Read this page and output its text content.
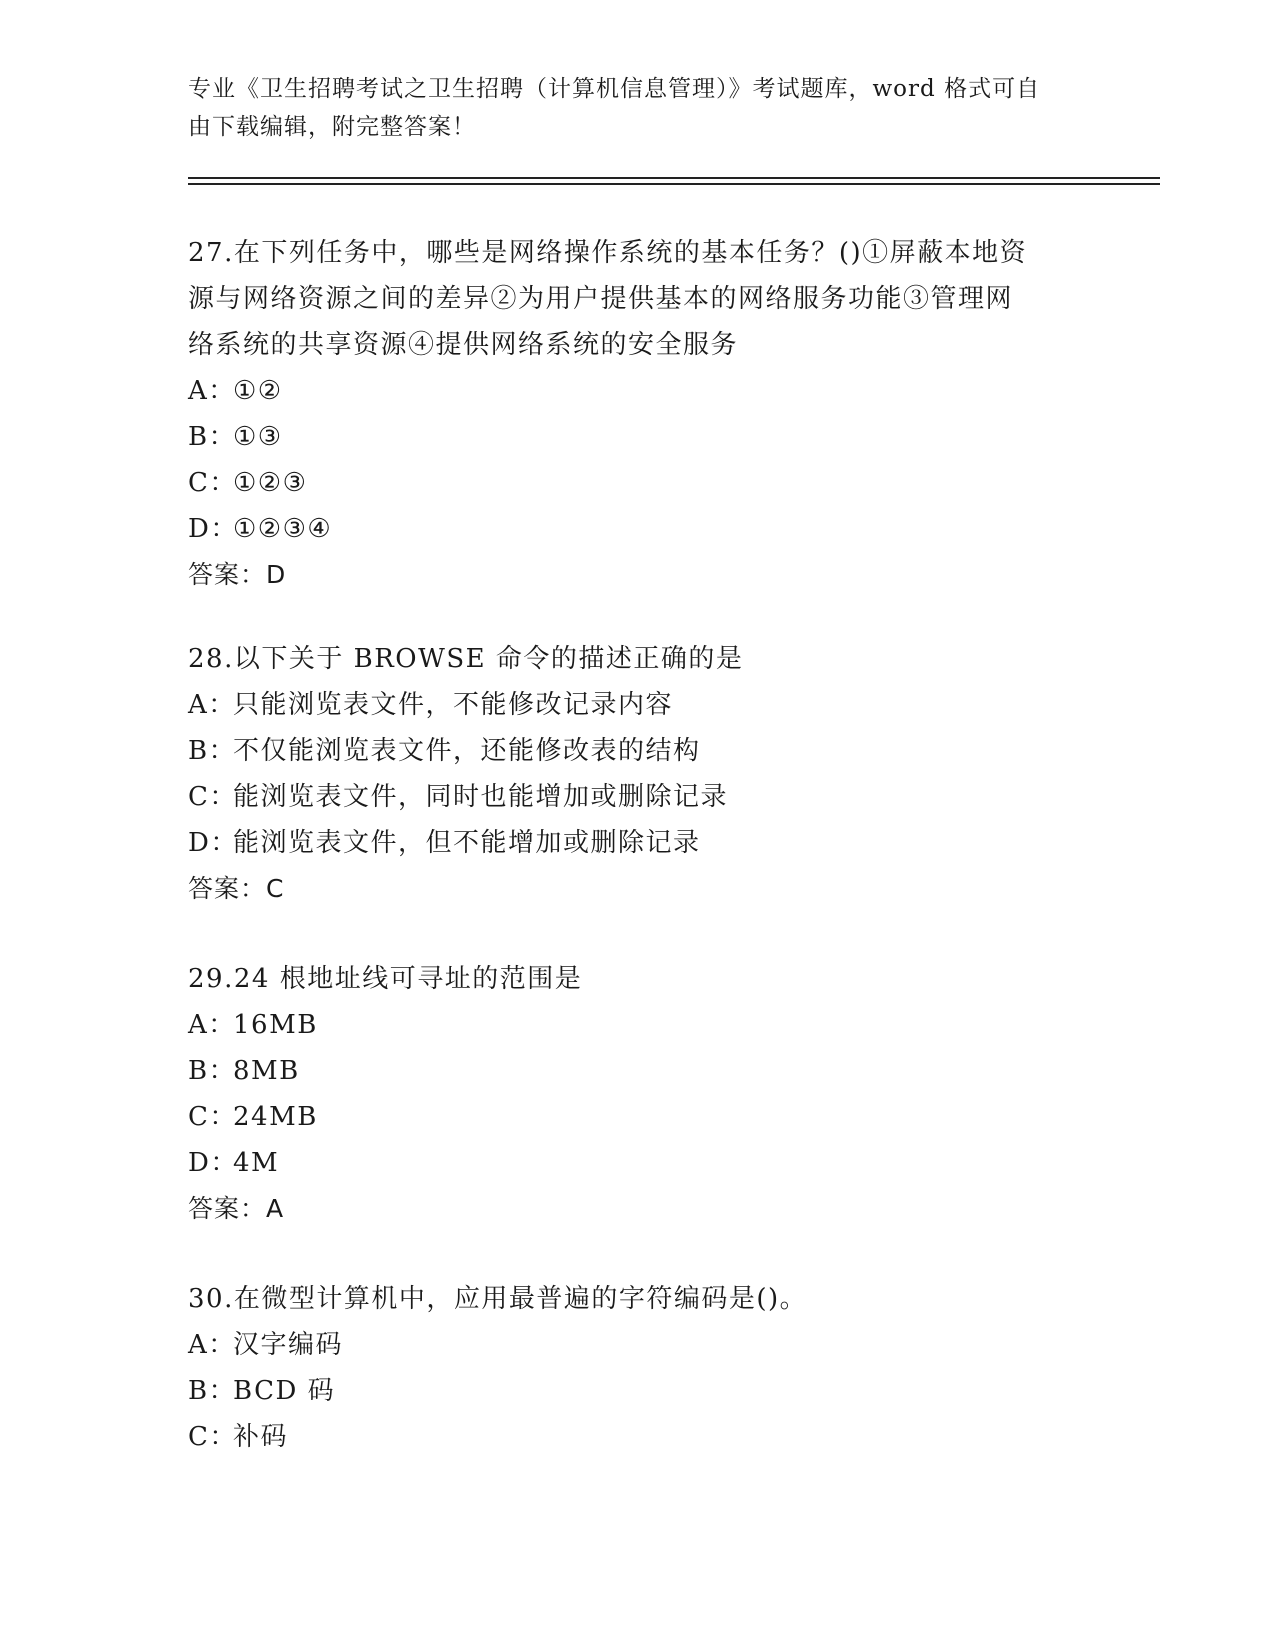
专业《卫生招聘考试之卫生招聘（计算机信息管理）》考试题库，word 格式可自
由下载编辑，附完整答案！
27.在下列任务中，哪些是网络操作系统的基本任务？()①屏蔽本地资
源与网络资源之间的差异②为用户提供基本的网络服务功能③管理网
络系统的共享资源④提供网络系统的安全服务
A：①②
B：①③
C：①②③
D：①②③④
答案：D
28.以下关于 BROWSE 命令的描述正确的是
A：只能浏览表文件，不能修改记录内容
B：不仅能浏览表文件，还能修改表的结构
C：能浏览表文件，同时也能增加或删除记录
D：能浏览表文件，但不能增加或删除记录
答案：C
29.24 根地址线可寻址的范围是
A：16MB
B：8MB
C：24MB
D：4M
答案：A
30.在微型计算机中，应用最普遍的字符编码是()。
A：汉字编码
B：BCD 码
C：补码
